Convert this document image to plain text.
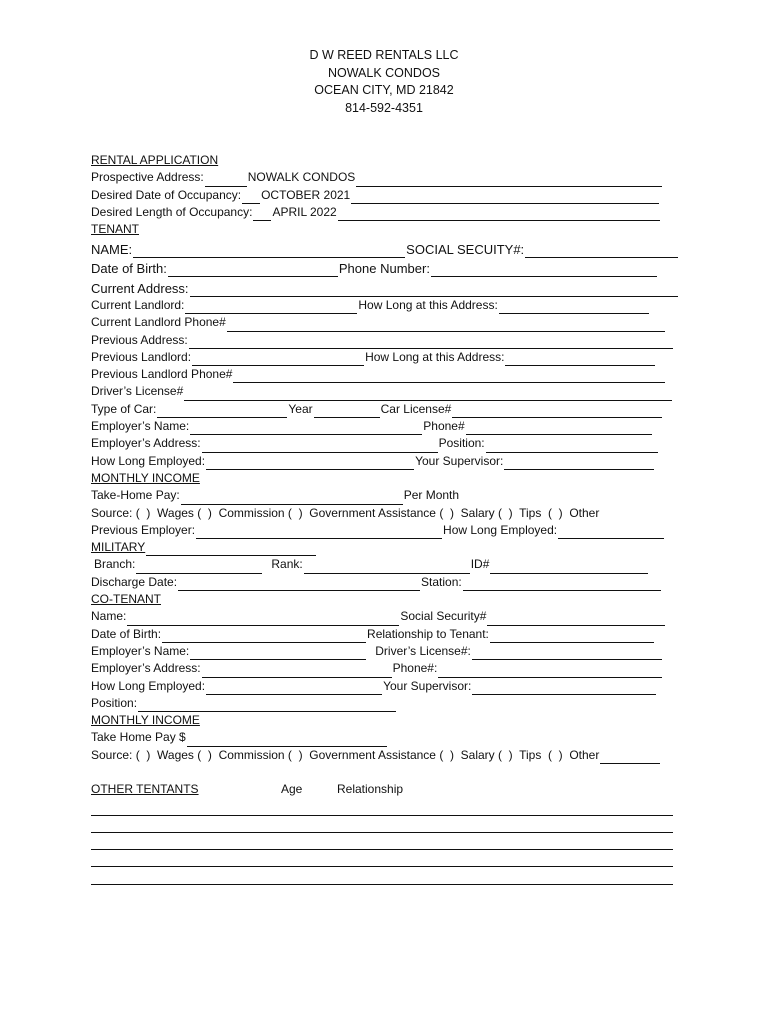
D W REED RENTALS LLC
NOWALK CONDOS
OCEAN CITY, MD 21842
814-592-4351
RENTAL APPLICATION
Prospective Address:	NOWALK CONDOS
Desired Date of Occupancy: OCTOBER 2021
Desired Length of Occupancy: APRIL 2022
TENANT
NAME:	SOCIAL SECUITY#:
Date of Birth:	Phone Number:
Current Address:
Current Landlord:	How Long at this Address:
Current Landlord Phone#
Previous Address:
Previous Landlord:	How Long at this Address:
Previous Landlord Phone#
Driver’s License#
Type of Car:	Year	Car License#
Employer’s Name:	Phone#
Employer’s Address:	Position:
How Long Employed:	Your Supervisor:
MONTHLY INCOME
Take-Home Pay:	Per Month
Source: (  )  Wages (  )  Commission (  )  Government Assistance (  )  Salary (  )  Tips  (  )  Other
Previous Employer:	How Long Employed:
MILITARY
Branch:	Rank:	ID#
Discharge Date:	Station:
CO-TENANT
Name:	Social Security#
Date of Birth:	Relationship to Tenant:
Employer’s Name:	Driver’s License#:
Employer’s Address:	Phone#:
How Long Employed:	Your Supervisor:
Position:
MONTHLY INCOME
Take Home Pay $
Source: (  )  Wages (  )  Commission (  )  Government Assistance (  )  Salary (  )  Tips  (  )  Other
OTHER TENTANTS	Age	Relationship
